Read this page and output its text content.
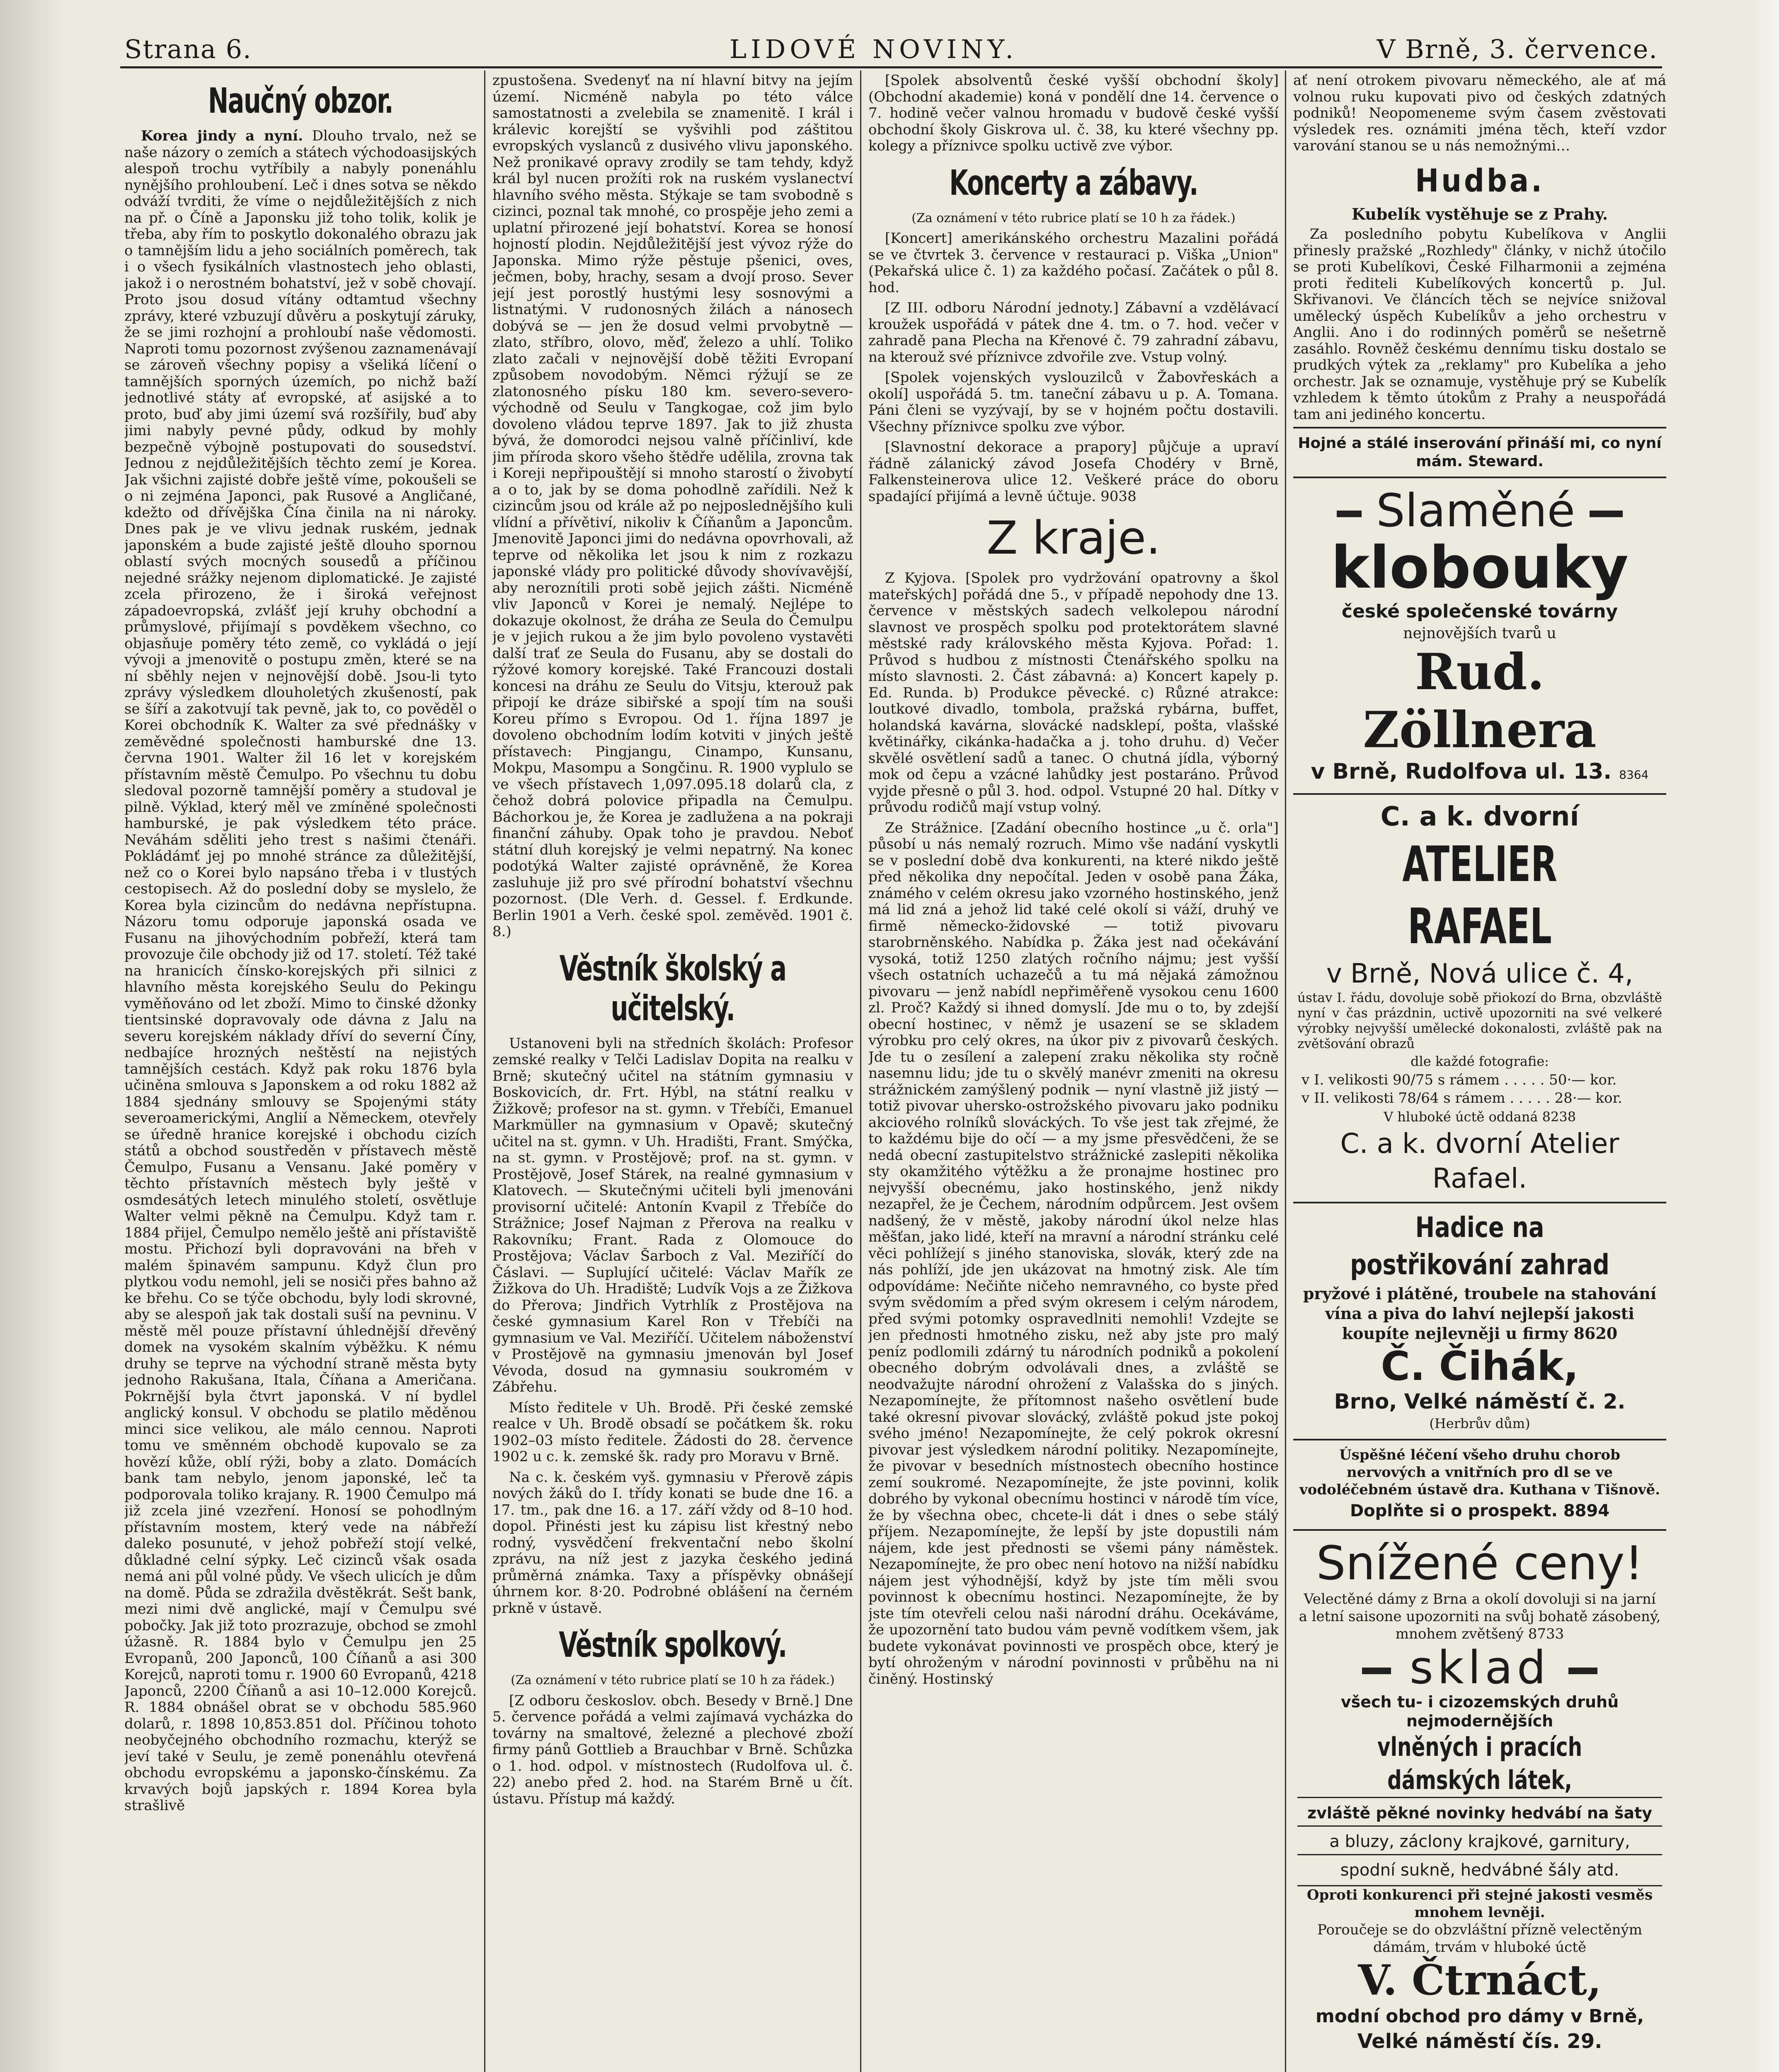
Strana 6.	LIDOVÉ NOVINY.	V Brně, 3. července.
Naučný obzor.

Korea jindy a nyní. Dlouho trvalo, než se naše názory o zemích a státech východoasijských alespoň trochu vytříbily a nabyly ponenáhlu nynějšího prohloubení. Leč i dnes sotva se někdo odváží tvrditi, že víme o nejdůležitějších z nich na př. o Číně a Japonsku již toho tolik, kolik je třeba, aby řím to poskytlo dokonalého obrazu jak o tamnějším lidu a jeho sociálních poměrech, tak i o všech fysikálních vlastnostech jeho oblasti, jakož i o nerostném bohatství, jež v sobě chovají. Proto jsou dosud vítány odtamtud všechny zprávy, které vzbuzují důvěru a poskytují záruky, že se jimi rozhojní a prohloubí naše vědomosti. Naproti tomu pozornost zvýšenou zaznamenávají se zároveň všechny popisy a všeliká líčení o tamnějších sporných územích, po nichž baží jednotlivé státy ať evropské, ať asijské a to proto, buď aby jimi území svá rozšířily, buď aby jimi nabyly pevné půdy, odkud by mohly bezpečně výbojně postupovati do sousedství. Jednou z nejdůležitějších těchto zemí je Korea. Jak všichni zajisté dobře ještě víme, pokoušeli se o ni zejména Japonci, pak Rusové a Angličané, kdežto od dřívějška Čína činila na ni nároky. Dnes pak je ve vlivu jednak ruském, jednak japonském a bude zajisté ještě dlouho spornou oblastí svých mocných sousedů a příčinou nejedné srážky nejenom diplomatické. Je zajisté zcela přirozeno, že i široká veřejnost západoevropská, zvlášť její kruhy obchodní a průmyslové, přijímají s povděkem všechno, co objasňuje poměry této země, co vykládá o její vývoji a jmenovitě o postupu změn, které se na ní sběhly nejen v nejnovější době. Jsou-li tyto zprávy výsledkem dlouholetých zkušeností, pak se šíří a zakotvují tak pevně, jak to, co pověděl o Korei obchodník K. Walter za své přednášky v zeměvědné společnosti hamburské dne 13. června 1901. Walter žil 16 let v korejském přístavním městě Čemulpo. Po všechnu tu dobu sledoval pozorně tamnější poměry a studoval je pilně. Výklad, který měl ve zmíněné společnosti hamburské, je pak výsledkem této práce. Neváhám sděliti jeho trest s našimi čtenáři. Pokládámť jej po mnohé stránce za důležitější, než co o Korei bylo napsáno třeba i v tlustých cestopisech. Až do poslední doby se myslelo, že Korea byla cizincům do nedávna nepřístupna. Názoru tomu odporuje japonská osada ve Fusanu na jihovýchodním pobřeží, která tam provozuje čile obchody již od 17. století. Též také na hranicích čínsko-korejských při silnici z hlavního města korejského Seulu do Pekingu vyměňováno od let zboží. Mimo to činské džonky tientsinské dopravovaly ode dávna z Jalu na severu korejském náklady dříví do severní Číny, nedbajíce hrozných neštěstí na nejistých tamnějších cestách. Když pak roku 1876 byla učiněna smlouva s Japonskem a od roku 1882 až 1884 sjednány smlouvy se Spojenými státy severoamerickými, Anglií a Německem, otevřely se úředně hranice korejské i obchodu cizích států a obchod soustředěn v přístavech městě Čemulpo, Fusanu a Vensanu. Jaké poměry v těchto přístavních městech byly ještě v osmdesátých letech minulého století, osvětluje Walter velmi pěkně na Čemulpu. Když tam r. 1884 přijel, Čemulpo nemělo ještě ani přístaviště mostu. Přichozí byli dopravováni na břeh v malém špinavém sampunu. Když člun pro plytkou vodu nemohl, jeli se nosiči přes bahno až ke břehu. Co se týče obchodu, byly lodi skrovné, aby se alespoň jak tak dostali suší na pevninu. V městě měl pouze přístavní úhlednější dřevěný domek na vysokém skalním výběžku. K nému druhy se teprve na východní straně města byty jednoho Rakušana, Itala, Číňana a Američana. Pokrnější byla čtvrt japonská. V ní bydlel anglický konsul. V obchodu se platilo měděnou minci sice velikou, ale málo cennou. Naproti tomu ve směnném obchodě kupovalo se za hovězí kůže, oblí rýži, boby a zlato. Domácích bank tam nebylo, jenom japonské, leč ta podporovala toliko krajany. R. 1900 Čemulpo má již zcela jiné vzezření. Honosí se pohodlným přístavním mostem, který vede na nábřeží daleko posunuté, v jehož pobřeží stojí velké, důkladné celní sýpky. Leč cizinců však osada nemá ani půl volné půdy. Ve všech ulicích je dům na domě. Půda se zdražila dvěstěkrát. Sešt bank, mezi nimi dvě anglické, mají v Čemulpu své pobočky. Jak již toto prozrazuje, obchod se zmohl úžasně. R. 1884 bylo v Čemulpu jen 25 Evropanů, 200 Japonců, 100 Číňanů a asi 300 Korejců, naproti tomu r. 1900 60 Evropanů, 4218 Japonců, 2200 Číňanů a asi 10–12.000 Korejců. R. 1884 obnášel obrat se v obchodu 585.960 dolarů, r. 1898 10,853.851 dol. Příčinou tohoto neobyčejného obchodního rozmachu, kterýž se jeví také v Seulu, je země ponenáhlu otevřená obchodu evropskému a japonsko-čínskému. Za krvavých bojů japských r. 1894 Korea byla strašlivě

zpustošena. Svedenyť na ní hlavní bitvy na jejím území. Nicméně nabyla po této válce samostatnosti a zvelebila se znamenitě. I král i králevic korejští se vyšvihli pod záštitou evropských vyslanců z dusivého vlivu japonského. Než pronikavé opravy zrodily se tam tehdy, když král byl nucen prožíti rok na ruském vyslanectví hlavního svého města. Stýkaje se tam svobodně s cizinci, poznal tak mnohé, co prospěje jeho zemi a uplatní přirozené její bohatství. Korea se honosí hojností plodin. Nejdůležitější jest vývoz rýže do Japonska. Mimo rýže pěstuje pšenici, oves, ječmen, boby, hrachy, sesam a dvojí proso. Sever její jest porostlý hustými lesy sosnovými a listnatými. V rudonosných žilách a nánosech dobývá se — jen že dosud velmi prvobytně — zlato, stříbro, olovo, měď, železo a uhlí. Toliko zlato začali v nejnovější době těžiti Evropaní způsobem novodobým. Němci rýžují se ze zlatonosného písku 180 km. severo-severo-východně od Seulu v Tangkogae, což jim bylo dovoleno vládou teprve 1897. Jak to již zhusta bývá, že domorodci nejsou valně příčinliví, kde jim příroda skoro všeho štědře udělila, zrovna tak i Koreji nepřipouštějí si mnoho starostí o živobytí a o to, jak by se doma pohodlně zařídili. Než k cizincům jsou od krále až po nejposlednějšího kuli vlídní a přívětiví, nikoliv k Číňanům a Japoncům. Jmenovitě Japonci jimi do nedávna opovrhovali, až teprve od několika let jsou k nim z rozkazu japonské vlády pro politické důvody shovívavější, aby neroznítili proti sobě jejich zášti. Nicméně vliv Japonců v Korei je nemalý. Nejlépe to dokazuje okolnost, že dráha ze Seula do Čemulpu je v jejich rukou a že jim bylo povoleno vystavěti další trať ze Seula do Fusanu, aby se dostali do rýžové komory korejské. Také Francouzi dostali koncesi na dráhu ze Seulu do Vitsju, kterouž pak připojí ke dráze sibiřské a spojí tím na souši Koreu přímo s Evropou. Od 1. října 1897 je dovoleno obchodním lodím kotviti v jiných ještě přístavech: Pingjangu, Cinampo, Kunsanu, Mokpu, Masompu a Songčinu. R. 1900 vyplulo se ve všech přístavech 1,097.095.18 dolarů cla, z čehož dobrá polovice připadla na Čemulpu. Báchorkou je, že Korea je zadlužena a na pokraji finanční záhuby. Opak toho je pravdou. Neboť státní dluh korejský je velmi nepatrný. Na konec podotýká Walter zajisté oprávněně, že Korea zasluhuje již pro své přírodní bohatství všechnu pozornost. (Dle Verh. d. Gessel. f. Erdkunde. Berlin 1901 a Verh. české spol. zeměvěd. 1901 č. 8.)

Věstník školský a učitelský.

Ustanoveni byli na středních školách: Profesor zemské realky v Telči Ladislav Dopita na realku v Brně; skutečný učitel na státním gymnasiu v Boskovicích, dr. Frt. Hýbl, na státní realku v Žižkově; profesor na st. gymn. v Třebíči, Emanuel Markmüller na gymnasium v Opavě; skutečný učitel na st. gymn. v Uh. Hradišti, Frant. Smýčka, na st. gymn. v Prostějově; prof. na st. gymn. v Prostějově, Josef Stárek, na realné gymnasium v Klatovech. — Skutečnými učiteli byli jmenováni provisorní učitelé: Antonín Kvapil z Třebíče do Strážnice; Josef Najman z Přerova na realku v Rakovníku; Frant. Rada z Olomouce do Prostějova; Václav Šarboch z Val. Meziříčí do Čáslavi. — Suplující učitelé: Václav Mařík ze Žižkova do Uh. Hradiště; Ludvík Vojs a ze Žižkova do Přerova; Jindřich Vytrhlík z Prostějova na české gymnasium Karel Ron v Třebíči na gymnasium ve Val. Meziříčí. Učitelem náboženství v Prostějově na gymnasiu jmenován byl Josef Vévoda, dosud na gymnasiu soukromém v Zábřehu.

Místo ředitele v Uh. Brodě. Při české zemské realce v Uh. Brodě obsadí se počátkem šk. roku 1902–03 místo ředitele. Žádosti do 28. července 1902 u c. k. zemské šk. rady pro Moravu v Brně.

Na c. k. českém vyš. gymnasiu v Přerově zápis nových žáků do I. třídy konati se bude dne 16. a 17. tm., pak dne 16. a 17. září vždy od 8–10 hod. dopol. Přinésti jest ku zápisu list křestný nebo rodný, vysvědčení frekventační nebo školní zprávu, na níž jest z jazyka českého jediná průměrná známka. Taxy a příspěvky obnášejí úhrnem kor. 8·20. Podrobné oblášení na černém prkně v ústavě.

Věstník spolkový.

(Za oznámení v této rubrice platí se 10 h za řádek.)

[Z odboru českoslov. obch. Besedy v Brně.] Dne 5. července pořádá a velmi zajímavá vycházka do továrny na smaltové, železné a plechové zboží firmy pánů Gottlieb a Brauchbar v Brně. Schůzka o 1. hod. odpol. v místnostech (Rudolfova ul. č. 22) anebo před 2. hod. na Starém Brně u čít. ústavu. Přístup má každý.

[Spolek absolventů české vyšší obchodní školy] (Obchodní akademie) koná v pondělí dne 14. července o 7. hodině večer valnou hromadu v budově české vyšší obchodní školy Giskrova ul. č. 38, ku které všechny pp. kolegy a příznivce spolku uctivě zve výbor.

Koncerty a zábavy.

(Za oznámení v této rubrice platí se 10 h za řádek.)

[Koncert] amerikánského orchestru Mazalini pořádá se ve čtvrtek 3. července v restauraci p. Viška „Union" (Pekařská ulice č. 1) za každého počasí. Začátek o půl 8. hod.

[Z III. odboru Národní jednoty.] Zábavní a vzdělávací kroužek uspořádá v pátek dne 4. tm. o 7. hod. večer v zahradě pana Plecha na Křenové č. 79 zahradní zábavu, na kterouž své příznivce zdvořile zve. Vstup volný.

[Spolek vojenských vyslouzilců v Žabovřeskách a okolí] uspořádá 5. tm. taneční zábavu u p. A. Tomana. Páni členi se vyzývají, by se v hojném počtu dostavili. Všechny příznivce spolku zve výbor.

[Slavnostní dekorace a prapory] půjčuje a upraví řádně zálanický závod Josefa Chodéry v Brně, Falkensteinerova ulice 12. Veškeré práce do oboru spadající přijímá a levně účtuje. 9038

Z kraje.

Z Kyjova. [Spolek pro vydržování opatrovny a škol mateřských] pořádá dne 5., v případě nepohody dne 13. července v městských sadech velkolepou národní slavnost ve prospěch spolku pod protektorátem slavné městské rady královského města Kyjova. Pořad: 1. Průvod s hudbou z místnosti Čtenářského spolku na místo slavnosti. 2. Část zábavná: a) Koncert kapely p. Ed. Runda. b) Produkce pěvecké. c) Různé atrakce: loutkové divadlo, tombola, pražská rybárna, buffet, holandská kavárna, slovácké nadsklepí, pošta, vlašské květinářky, cikánka-hadačka a j. toho druhu. d) Večer skvělé osvětlení sadů a tanec. O chutná jídla, výborný mok od čepu a vzácné lahůdky jest postaráno. Průvod vyjde přesně o půl 3. hod. odpol. Vstupné 20 hal. Dítky v průvodu rodičů mají vstup volný.

Ze Strážnice. [Zadání obecního hostince „u č. orla"] působí u nás nemalý rozruch. Mimo vše nadání vyskytli se v poslední době dva konkurenti, na které nikdo ještě před několika dny nepočítal. Jeden v osobě pana Žáka, známého v celém okresu jako vzorného hostinského, jenž má lid zná a jehož lid také celé okolí si váží, druhý ve firmě německo-židovské — totiž pivovaru starobrněnského. Nabídka p. Žáka jest nad očekávání vysoká, totiž 1250 zlatých ročního nájmu; jest vyšší všech ostatních uchazečů a tu má nějaká zámožnou pivovaru — jenž nabídl nepřiměřeně vysokou cenu 1600 zl. Proč? Každý si ihned domyslí. Jde mu o to, by zdejší obecní hostinec, v němž je usazení se se skladem výrobku pro celý okres, na úkor piv z pivovarů českých. Jde tu o zesílení a zalepení zraku několika sty ročně nasemnu lidu; jde tu o skvělý manévr zmeniti na okresu strážnickém zamýšlený podnik — nyní vlastně již jistý — totiž pivovar uhersko-ostrožského pivovaru jako podniku akciového rolníků slováckých. To vše jest tak zřejmé, že to každému bije do očí — a my jsme přesvědčeni, že se nedá obecní zastupitelstvo strážnické zaslepiti několika sty okamžitého výtěžku a že pronajme hostinec pro nejvyšší obecnému, jako hostinského, jenž nikdy nezapřel, že je Čechem, národním odpůrcem. Jest ovšem nadšený, že v městě, jakoby národní úkol nelze hlas měšťan, jako lidé, kteří na mravní a národní stránku celé věci pohlížejí s jiného stanoviska, slovák, který zde na nás pohlíží, jde jen ukázovat na hmotný zisk. Ale tím odpovídáme: Nečiňte ničeho nemravného, co byste před svým svědomím a před svým okresem i celým národem, před svými potomky ospravedlniti nemohli! Vzdejte se jen přednosti hmotného zisku, než aby jste pro malý peníz podlomili zdárný tu národních podniků a pokolení obecného dobrým odvolávali dnes, a zvláště se neodvažujte národní ohrožení z Valašska do s jiných. Nezapomínejte, že přítomnost našeho osvětlení bude také okresní pivovar slovácký, zvláště pokud jste pokoj svého jméno! Nezapomínejte, že celý pokrok okresní pivovar jest výsledkem národní politiky. Nezapomínejte, že pivovar v besedních místnostech obecního hostince zemí soukromé. Nezapomínejte, že jste povinni, kolik dobrého by vykonal obecnímu hostinci v národě tím více, že by všechna obec, chcete-li dát i dnes o sebe stálý příjem. Nezapomínejte, že lepší by jste dopustili nám nájem, kde jest přednosti se všemi pány náměstek. Nezapomínejte, že pro obec není hotovo na nižší nabídku nájem jest výhodnější, když by jste tím měli svou povinnost k obecnímu hostinci. Nezapomínejte, že by jste tím otevřeli celou naši národní dráhu. Ocekáváme, že upozornění tato budou vám pevně vodítkem všem, jak budete vykonávat povinnosti ve prospěch obce, který je bytí ohroženým v národní povinnosti v průběhu na ni činěný. Hostinský

ať není otrokem pivovaru německého, ale ať má volnou ruku kupovati pivo od českých zdatných podniků! Neopomeneme svým časem zvěstovati výsledek res. oznámiti jména těch, kteří vzdor varování stanou se u nás nemožnými…

Hudba.

Kubelík vystěhuje se z Prahy.

Za posledního pobytu Kubelíkova v Anglii přinesly pražské „Rozhledy" články, v nichž útočilo se proti Kubelíkovi, České Filharmonii a zejména proti řediteli Kubelíkových koncertů p. Jul. Skřivanovi. Ve článcích těch se nejvíce snižoval umělecký úspěch Kubelíkův a jeho orchestru v Anglii. Ano i do rodinných poměrů se nešetrně zasáhlo. Rovněž českému dennímu tisku dostalo se prudkých výtek za „reklamy" pro Kubelíka a jeho orchestr. Jak se oznamuje, vystěhuje prý se Kubelík vzhledem k těmto útokům z Prahy a neuspořádá tam ani jediného koncertu.

Hojné a stálé inserování přináší mi, co nyní mám. Steward.
Slaměné
klobouky
české společenské továrny
nejnovějších tvarů u
Rud. Zöllnera
v Brně, Rudolfova ul. 13. 8364
C. a k. dvorní
ATELIER RAFAEL
v Brně, Nová ulice č. 4,
ústav I. řádu, dovoluje sobě přiokozí do Brna, obzvláště nyní v čas prázdnin, uctivě upozorniti na své velkeré výrobky nejvyšší umělecké dokonalosti, zvláště pak na zvětšování obrazů
dle každé fotografie:
v I. velikosti 90/75 s rámem . . . . . 50·— kor.
v II. velikosti 78/64 s rámem . . . . . 28·— kor.
V hluboké úctě oddaná 8238
C. a k. dvorní Atelier Rafael.
Hadice na postřikování zahrad
pryžové i plátěné, troubele na stahování vína a piva do lahví nejlepší jakosti koupíte nejlevněji u firmy 8620
Č. Čihák,
Brno, Velké náměstí č. 2.
(Herbrův dům)
Úspěšné léčení všeho druhu chorob nervových a vnitřních pro dl se ve vodoléčebném ústavě dra. Kuthana v Tišnově.
Doplňte si o prospekt. 8894
Snížené ceny!
Velectěné dámy z Brna a okolí dovoluji si na jarní a letní saisone upozorniti na svůj bohatě zásobený, mnohem zvětšený 8733
sklad
všech tu- i cizozemských druhů nejmodernějších
vlněných i pracích dámských látek,
zvláště pěkné novinky hedvábí na šaty
a bluzy, záclony krajkové, garnitury,
spodní sukně, hedvábné šály atd.
Oproti konkurenci při stejné jakosti vesměs mnohem levněji.
Poroučeje se do obzvláštní přízně velectěným dámám, trvám v hluboké úctě
V. Čtrnáct,
modní obchod pro dámy v Brně,
Velké náměstí čís. 29.
